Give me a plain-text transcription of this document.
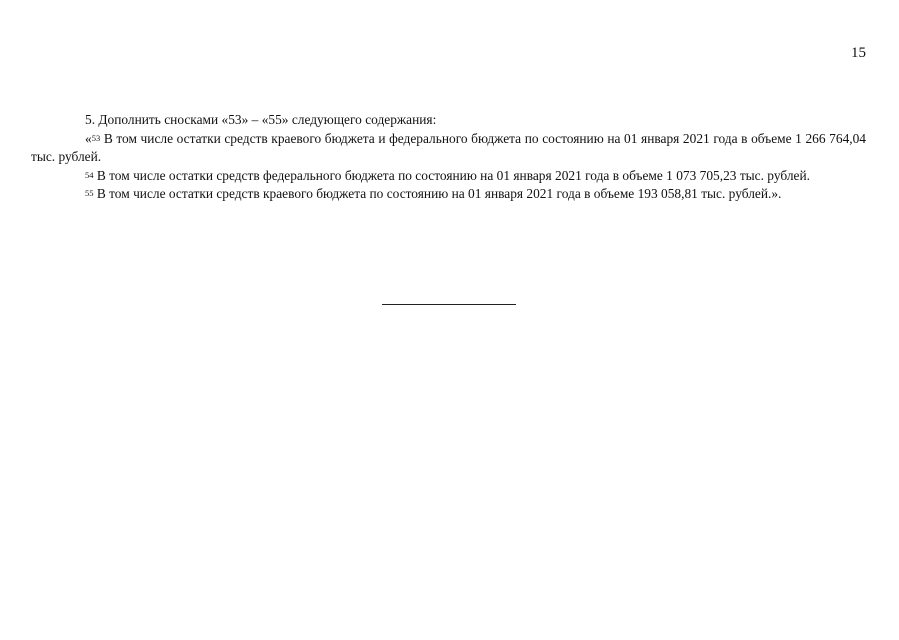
15

5. Дополнить сносками «53» – «55» следующего содержания:

«$^{53}$ В том числе остатки средств краевого бюджета и федерального бюджета по состоянию на 01 января 2021 года в объеме 1 266 764,04 тыс. рублей.

$^{54}$ В том числе остатки средств федерального бюджета по состоянию на 01 января 2021 года в объеме 1 073 705,23 тыс. рублей.

$^{55}$ В том числе остатки средств краевого бюджета по состоянию на 01 января 2021 года в объеме 193 058,81 тыс. рублей.».
